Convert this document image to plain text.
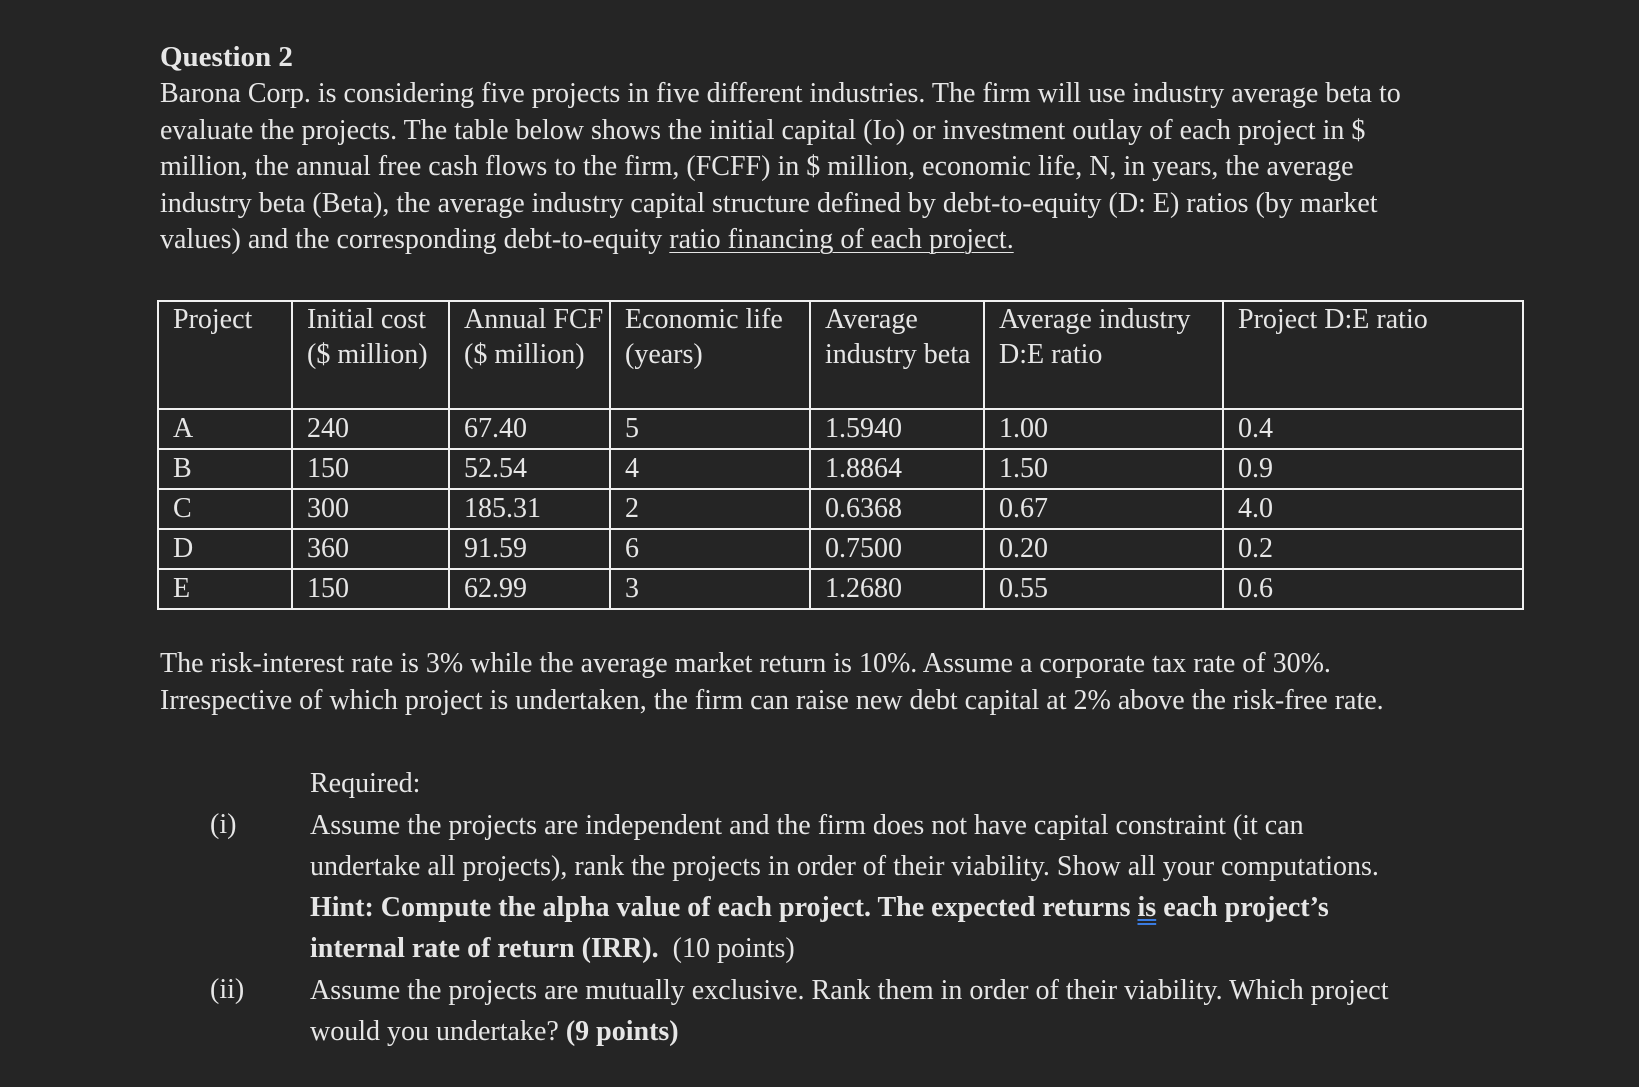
Question 2

Barona Corp. is considering five projects in five different industries. The firm will use industry average beta to evaluate the projects. The table below shows the initial capital (Io) or investment outlay of each project in $ million, the annual free cash flows to the firm, (FCFF) in $ million, economic life, N, in years, the average industry beta (Beta), the average industry capital structure defined by debt-to-equity (D: E) ratios (by market values) and the corresponding debt-to-equity ratio financing of each project.

Project	Initial cost ($ million)	Annual FCF ($ million)	Economic life (years)	Average industry beta	Average industry D:E ratio	Project D:E ratio

A	240	67.40	5	1.5940	1.00	0.4

B	150	52.54	4	1.8864	1.50	0.9

C	300	185.31	2	0.6368	0.67	4.0

D	360	91.59	6	0.7500	0.20	0.2

E	150	62.99	3	1.2680	0.55	0.6

The risk-interest rate is 3% while the average market return is 10%. Assume a corporate tax rate of 30%. Irrespective of which project is undertaken, the firm can raise new debt capital at 2% above the risk-free rate.

Required:

(i)	Assume the projects are independent and the firm does not have capital constraint (it can undertake all projects), rank the projects in order of their viability. Show all your computations. Hint: Compute the alpha value of each project. The expected returns is each project’s internal rate of return (IRR). (10 points)
(ii) Assume the projects are mutually exclusive. Rank them in order of their viability. Which project would you undertake? (9 points)
